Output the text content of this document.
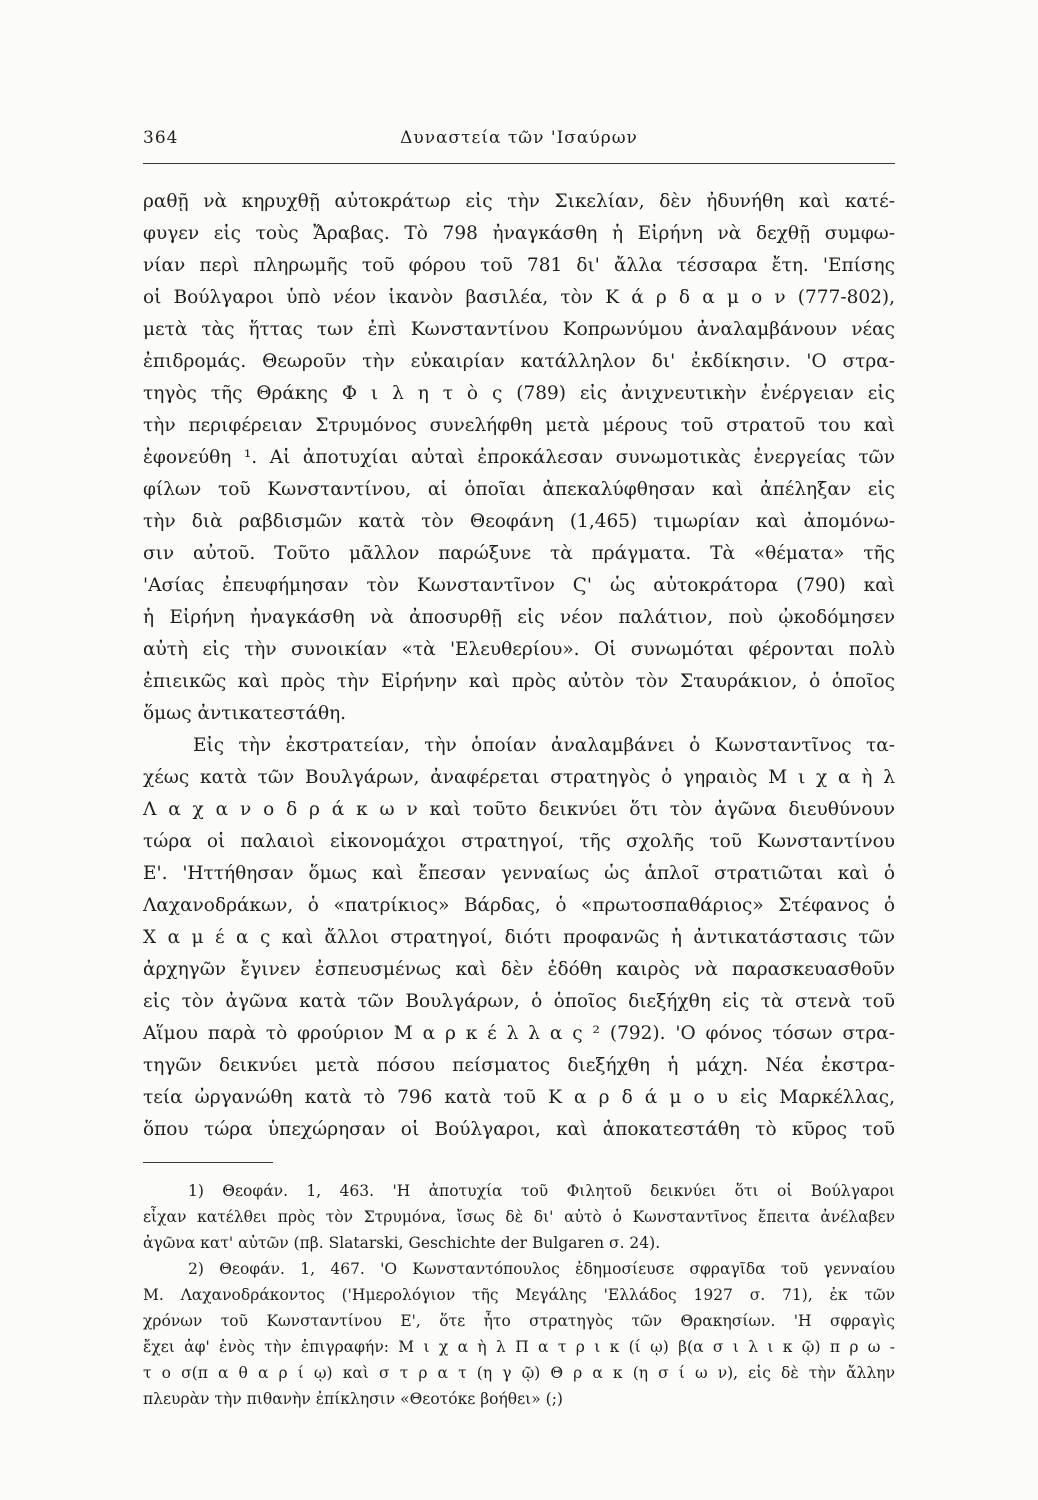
364	Δυναστεία τῶν 'Ισαύρων
ραθῇ νὰ κηρυχθῇ αὐτοκράτωρ εἰς τὴν Σικελίαν, δὲν ἠδυνήθη καὶ κατέ-
φυγεν εἰς τοὺς Ἄραβας. Τὸ 798 ἠναγκάσθη ἡ Εἰρήνη νὰ δεχθῇ συμφω-
νίαν περὶ πληρωμῆς τοῦ φόρου τοῦ 781 δι' ἄλλα τέσσαρα ἔτη. 'Επίσης
οἱ Βούλγαροι ὑπὸ νέον ἱκανὸν βασιλέα, τὸν Κ ά ρ δ α μ ο ν (777-802),
μετὰ τὰς ἥττας των ἐπὶ Κωνσταντίνου Κοπρωνύμου ἀναλαμβάνουν νέας
ἐπιδρομάς. Θεωροῦν τὴν εὐκαιρίαν κατάλληλον δι' ἐκδίκησιν. 'Ο στρα-
τηγὸς τῆς Θράκης Φ ι λ η τ ὸ ς (789) εἰς ἀνιχνευτικὴν ἐνέργειαν εἰς
τὴν περιφέρειαν Στρυμόνος συνελήφθη μετὰ μέρους τοῦ στρατοῦ του καὶ
ἐφονεύθη ¹. Αἱ ἀποτυχίαι αὐταὶ ἐπροκάλεσαν συνωμοτικὰς ἐνεργείας τῶν
φίλων τοῦ Κωνσταντίνου, αἱ ὁποῖαι ἀπεκαλύφθησαν καὶ ἀπέληξαν εἰς
τὴν διὰ ραβδισμῶν κατὰ τὸν Θεοφάνη (1,465) τιμωρίαν καὶ ἀπομόνω-
σιν αὐτοῦ. Τοῦτο μᾶλλον παρώξυνε τὰ πράγματα. Τὰ «θέματα» τῆς
'Ασίας ἐπευφήμησαν τὸν Κωνσταντῖνον Ϛ' ὡς αὐτοκράτορα (790) καὶ
ἡ Εἰρήνη ἠναγκάσθη νὰ ἀποσυρθῇ εἰς νέον παλάτιον, ποὺ ᾠκοδόμησεν
αὐτὴ εἰς τὴν συνοικίαν «τὰ 'Ελευθερίου». Οἱ συνωμόται φέρονται πολὺ
ἐπιεικῶς καὶ πρὸς τὴν Εἰρήνην καὶ πρὸς αὐτὸν τὸν Σταυράκιον, ὁ ὁποῖος
ὅμως ἀντικατεστάθη.
Εἰς τὴν ἐκστρατείαν, τὴν ὁποίαν ἀναλαμβάνει ὁ Κωνσταντῖνος τα-
χέως κατὰ τῶν Βουλγάρων, ἀναφέρεται στρατηγὸς ὁ γηραιὸς Μ ι χ α ὴ λ
Λ α χ α ν ο δ ρ ά κ ω ν καὶ τοῦτο δεικνύει ὅτι τὸν ἀγῶνα διευθύνουν
τώρα οἱ παλαιοὶ εἰκονομάχοι στρατηγοί, τῆς σχολῆς τοῦ Κωνσταντίνου
Ε'. 'Ηττήθησαν ὅμως καὶ ἔπεσαν γενναίως ὡς ἁπλοῖ στρατιῶται καὶ ὁ
Λαχανοδράκων, ὁ «πατρίκιος» Βάρδας, ὁ «πρωτοσπαθάριος» Στέφανος ὁ
Χ α μ έ α ς καὶ ἄλλοι στρατηγοί, διότι προφανῶς ἡ ἀντικατάστασις τῶν
ἀρχηγῶν ἔγινεν ἐσπευσμένως καὶ δὲν ἐδόθη καιρὸς νὰ παρασκευασθοῦν
εἰς τὸν ἀγῶνα κατὰ τῶν Βουλγάρων, ὁ ὁποῖος διεξήχθη εἰς τὰ στενὰ τοῦ
Αἵμου παρὰ τὸ φρούριον Μ α ρ κ έ λ λ α ς ² (792). 'Ο φόνος τόσων στρα-
τηγῶν δεικνύει μετὰ πόσου πείσματος διεξήχθη ἡ μάχη. Νέα ἐκστρα-
τεία ὠργανώθη κατὰ τὸ 796 κατὰ τοῦ Κ α ρ δ ά μ ο υ εἰς Μαρκέλλας,
ὅπου τώρα ὑπεχώρησαν οἱ Βούλγαροι, καὶ ἀποκατεστάθη τὸ κῦρος τοῦ
1) Θεοφάν. 1, 463. 'Η ἀποτυχία τοῦ Φιλητοῦ δεικνύει ὅτι οἱ Βούλγαροι
εἶχαν κατέλθει πρὸς τὸν Στρυμόνα, ἴσως δὲ δι' αὐτὸ ὁ Κωνσταντῖνος ἔπειτα ἀνέλαβεν
ἀγῶνα κατ' αὐτῶν (πβ. Slatarski, Geschichte der Bulgaren σ. 24).
2) Θεοφάν. 1, 467. 'Ο Κωνσταντόπουλος ἐδημοσίευσε σφραγῖδα τοῦ γενναίου
Μ. Λαχανοδράκοντος ('Ημερολόγιον τῆς Μεγάλης 'Ελλάδος 1927 σ. 71), ἐκ τῶν
χρόνων τοῦ Κωνσταντίνου Ε', ὅτε ἦτο στρατηγὸς τῶν Θρακησίων. 'Η σφραγὶς
ἔχει ἀφ' ἑνὸς τὴν ἐπιγραφήν: Μ ι χ α ὴ λ Π α τ ρ ι κ (ί ῳ) β(α σ ι λ ι κ ῷ) π ρ ω -
τ ο σ(π α θ α ρ ί ῳ) καὶ σ τ ρ α τ (η γ ῷ) Θ ρ α κ (η σ ί ω ν), εἰς δὲ τὴν ἄλλην
πλευρὰν τὴν πιθανὴν ἐπίκλησιν «Θεοτόκε βοήθει» (;)
